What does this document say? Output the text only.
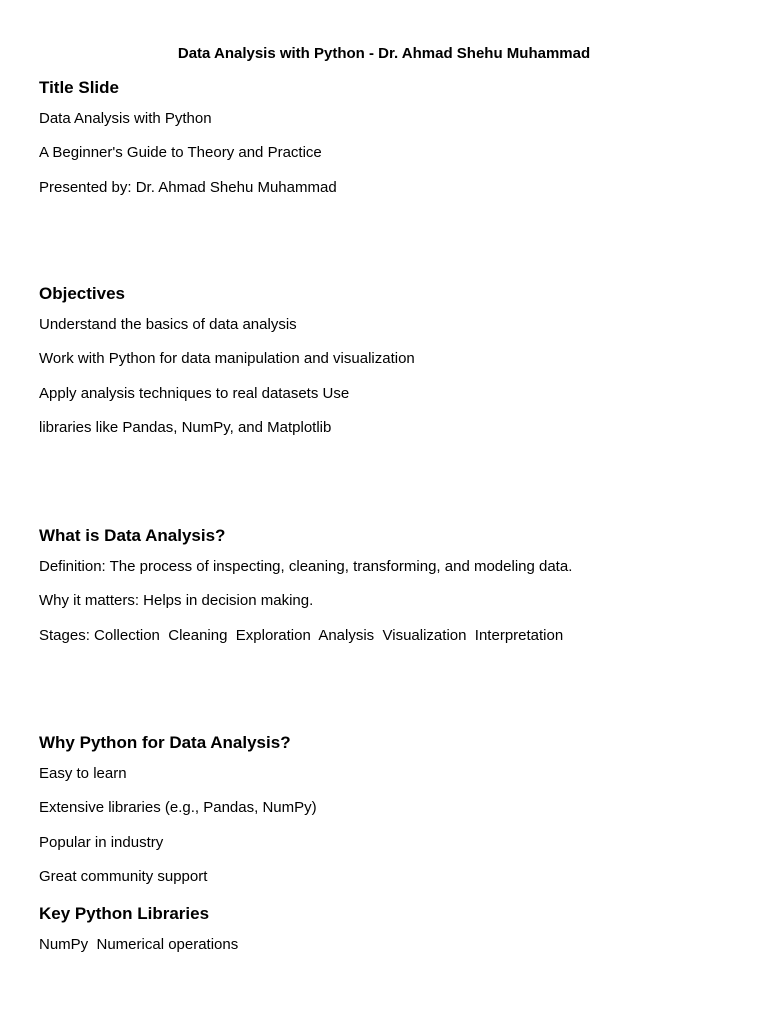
Data Analysis with Python - Dr. Ahmad Shehu Muhammad
Title Slide

Data Analysis with Python

A Beginner's Guide to Theory and Practice

Presented by: Dr. Ahmad Shehu Muhammad

Objectives

Understand the basics of data analysis

Work with Python for data manipulation and visualization

Apply analysis techniques to real datasets Use

libraries like Pandas, NumPy, and Matplotlib

What is Data Analysis?

Definition: The process of inspecting, cleaning, transforming, and modeling data.

Why it matters: Helps in decision making.

Stages: Collection  Cleaning  Exploration  Analysis  Visualization  Interpretation

Why Python for Data Analysis?

Easy to learn

Extensive libraries (e.g., Pandas, NumPy)

Popular in industry

Great community support

Key Python Libraries

NumPy  Numerical operations
